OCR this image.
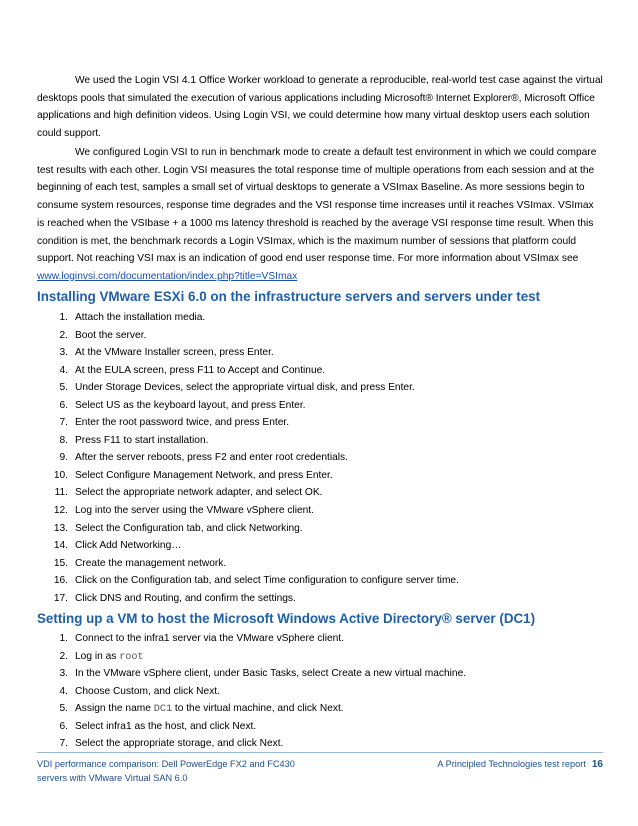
We used the Login VSI 4.1 Office Worker workload to generate a reproducible, real-world test case against the virtual desktops pools that simulated the execution of various applications including Microsoft® Internet Explorer®, Microsoft Office applications and high definition videos. Using Login VSI, we could determine how many virtual desktop users each solution could support.

We configured Login VSI to run in benchmark mode to create a default test environment in which we could compare test results with each other. Login VSI measures the total response time of multiple operations from each session and at the beginning of each test, samples a small set of virtual desktops to generate a VSImax Baseline. As more sessions begin to consume system resources, response time degrades and the VSI response time increases until it reaches VSImax. VSImax is reached when the VSIbase + a 1000 ms latency threshold is reached by the average VSI response time result. When this condition is met, the benchmark records a Login VSImax, which is the maximum number of sessions that platform could support. Not reaching VSI max is an indication of good end user response time. For more information about VSImax see www.loginvsi.com/documentation/index.php?title=VSImax

Installing VMware ESXi 6.0 on the infrastructure servers and servers under test
1. Attach the installation media.
2. Boot the server.
3. At the VMware Installer screen, press Enter.
4. At the EULA screen, press F11 to Accept and Continue.
5. Under Storage Devices, select the appropriate virtual disk, and press Enter.
6. Select US as the keyboard layout, and press Enter.
7. Enter the root password twice, and press Enter.
8. Press F11 to start installation.
9. After the server reboots, press F2 and enter root credentials.
10. Select Configure Management Network, and press Enter.
11. Select the appropriate network adapter, and select OK.
12. Log into the server using the VMware vSphere client.
13. Select the Configuration tab, and click Networking.
14. Click Add Networking…
15. Create the management network.
16. Click on the Configuration tab, and select Time configuration to configure server time.
17. Click DNS and Routing, and confirm the settings.
Setting up a VM to host the Microsoft Windows Active Directory® server (DC1)
1. Connect to the infra1 server via the VMware vSphere client.
2. Log in as root
3. In the VMware vSphere client, under Basic Tasks, select Create a new virtual machine.
4. Choose Custom, and click Next.
5. Assign the name DC1 to the virtual machine, and click Next.
6. Select infra1 as the host, and click Next.
7. Select the appropriate storage, and click Next.
VDI performance comparison: Dell PowerEdge FX2 and FC430
servers with VMware Virtual SAN 6.0
A Principled Technologies test report 16
